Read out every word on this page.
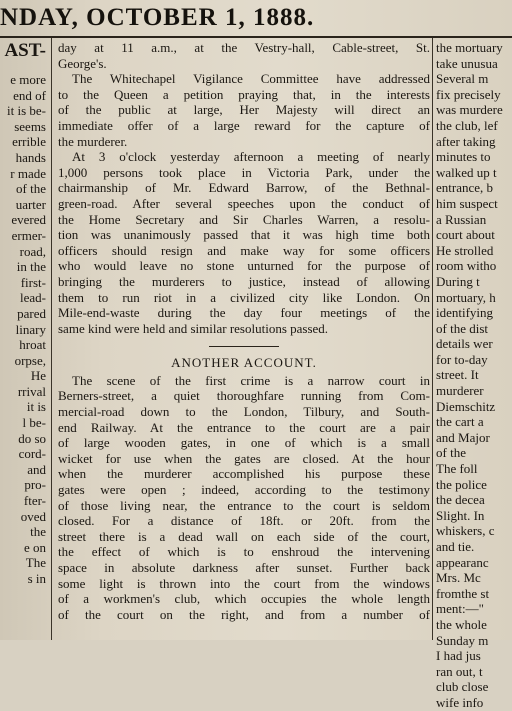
NDAY, OCTOBER 1, 1888.
AST-
e more
end of
it is be-
seems
errible
hands
r made
of the
uarter
evered
ermer-
road,
in the
first-
lead-
pared
linary
hroat
orpse,
He
rrival
it is
l be-
do so
cord-
and
pro-
fter-
oved
the
e on
The
s in
day at 11 a.m., at the Vestry-hall, Cable-street, St.
George's.
The Whitechapel Vigilance Committee have addressed
to the Queen a petition praying that, in the interests
of the public at large, Her Majesty will direct an
immediate offer of a large reward for the capture of
the murderer.
At 3 o'clock yesterday afternoon a meeting of nearly
1,000 persons took place in Victoria Park, under the
chairmanship of Mr. Edward Barrow, of the Bethnal-
green-road. After several speeches upon the conduct of
the Home Secretary and Sir Charles Warren, a resolu-
tion was unanimously passed that it was high time both
officers should resign and make way for some officers
who would leave no stone unturned for the purpose of
bringing the murderers to justice, instead of allowing
them to run riot in a civilized city like London. On
Mile-end-waste during the day four meetings of the
same kind were held and similar resolutions passed.
ANOTHER ACCOUNT.
The scene of the first crime is a narrow court in
Berners-street, a quiet thoroughfare running from Com-
mercial-road down to the London, Tilbury, and South-
end Railway. At the entrance to the court are a pair
of large wooden gates, in one of which is a small
wicket for use when the gates are closed. At the hour
when the murderer accomplished his purpose these
gates were open ; indeed, according to the testimony
of those living near, the entrance to the court is seldom
closed. For a distance of 18ft. or 20ft. from the
street there is a dead wall on each side of the court,
the effect of which is to enshroud the intervening
space in absolute darkness after sunset. Further back
some light is thrown into the court from the windows
of a workmen's club, which occupies the whole length
of the court on the right, and from a number of
the mortuary
take unusua
Several m
fix precisely
was murdere
the club, lef
after taking
minutes to
walked up t
entrance, b
him suspect
a Russian
court about
He strolled
room witho
During t
mortuary, h
identifying
of the dist
details wer
for to-day
street. It
murderer
Diemschitz
the cart a
and Major
of the
The foll
the police
the decea
Slight. In
whiskers, c
and tie.
appearanc
Mrs. Mc
fromthe st
ment:—"
the whole
Sunday m
I had jus
ran out, t
club close
wife info
